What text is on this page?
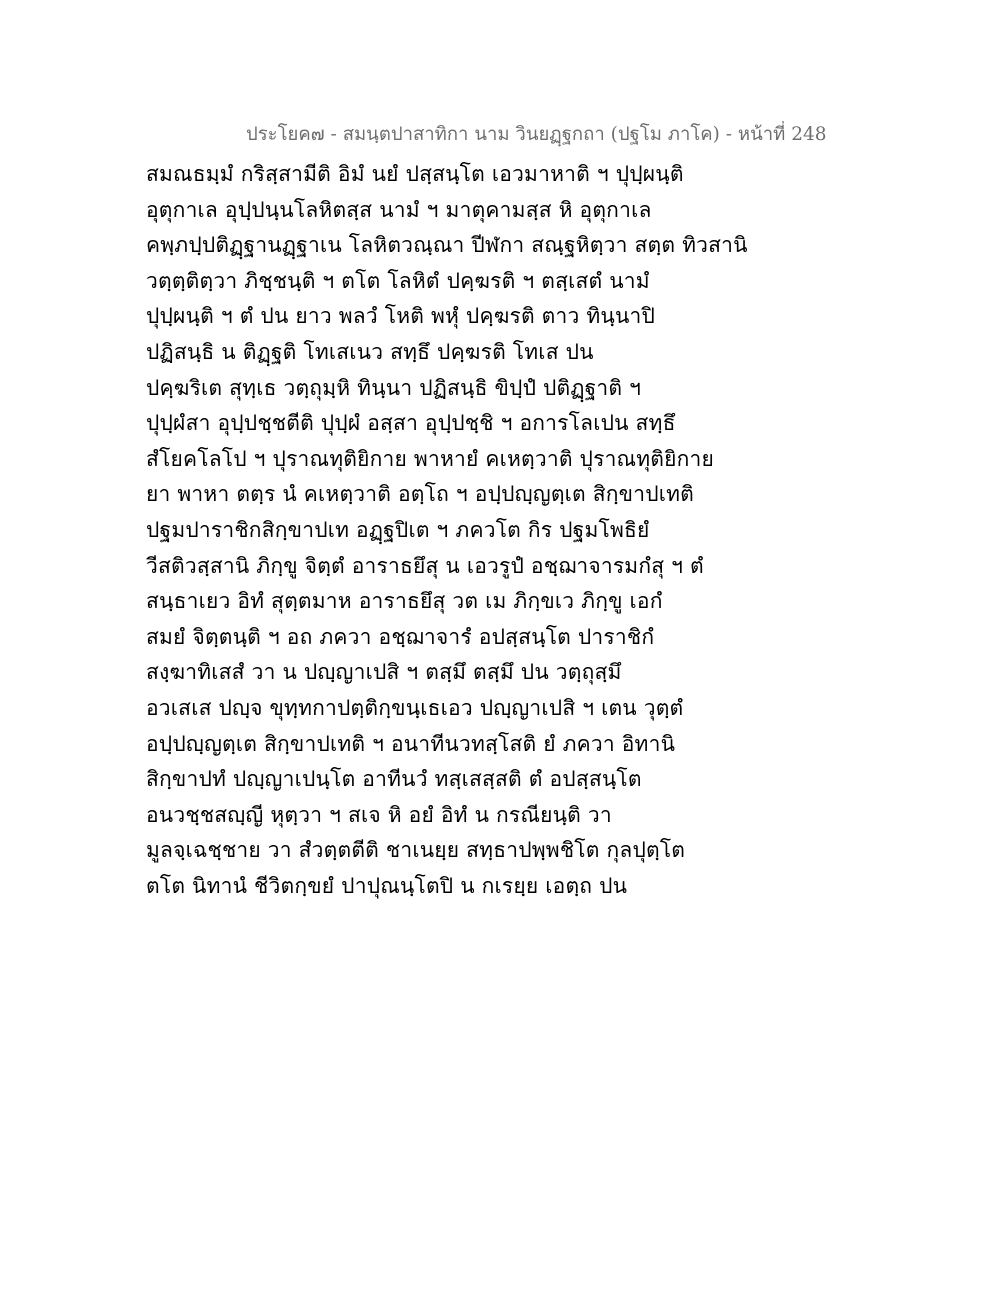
ประโยค๗ - สมนฺตปาสาทิกา นาม วินยฏฺฐกถา (ปฐโม ภาโค) - หน้าที่ 248
สมณธมฺมํ กริสฺสามีติ อิมํ นยํ ปสฺสนฺโต เอวมาหาติ ฯ ปุปฺผนฺติ
อุตุกาเล อุปฺปนฺนโลหิตสฺส นามํ ฯ มาตุคามสฺส หิ อุตุกาเล
คพฺภปฺปติฏฺฐานฏฺฐาเน โลหิตวณฺณา ปีฬกา สณฺฐหิตฺวา สตฺต ทิวสานิ
วตฺตฺติตฺวา ภิชฺชนฺติ ฯ ตโต โลหิตํ ปคฺฆรติ ฯ ตสฺเสตํ นามํ
ปุปฺผนฺติ ฯ ตํ ปน ยาว พลวํ โหติ พหุํ ปคฺฆรติ ตาว ทินฺนาปิ
ปฏิสนฺธิ น ติฏฺฐติ โทเสเนว สทฺธึ ปคฺฆรติ โทเส ปน
ปคฺฆริเต สุทฺเธ วตฺถุมฺหิ ทินฺนา ปฏิสนฺธิ ขิปฺปํ ปติฏฺฐาติ ฯ
ปุปฺผํสา อุปฺปชฺชตีติ ปุปฺผํ อสฺสา อุปฺปชฺชิ ฯ อการโลเปน สทฺธึ
สํโยคโลโป ฯ ปุราณทุติยิกาย พาหายํ คเหตฺวาติ ปุราณทุติยิกาย
ยา พาหา ตตฺร นํ คเหตฺวาติ อตฺโถ ฯ อปฺปญฺญตฺเต สิกฺขาปเทติ
ปฐมปาราชิกสิกฺขาปเท อฏฺฐปิเต ฯ ภควโต กิร ปฐมโพธิยํ
วีสติวสฺสานิ ภิกฺขู จิตฺตํ อาราธยึสุ น เอวรูปํ อชฺฌาจารมกํสุ ฯ ตํ
สนฺธาเยว อิทํ สุตฺตมาห อาราธยึสุ วต เม ภิกฺขเว ภิกฺขู เอกํ
สมยํ จิตฺตนฺติ ฯ อถ ภควา อชฺฌาจารํ อปสฺสนฺโต ปาราชิกํ
สงฺฆาทิเสสํ วา น ปญฺญาเปสิ ฯ ตสฺมึ ตสฺมึ ปน วตฺถุสฺมึ
อวเสเส ปญฺจ ขุทฺทกาปตฺติกฺขนฺเธเอว ปญฺญาเปสิ ฯ เตน วุตฺตํ
อปฺปญฺญตฺเต สิกฺขาปเทติ ฯ อนาทีนวทสฺโสติ ยํ ภควา อิทานิ
สิกฺขาปทํ ปญฺญาเปนฺโต อาทีนวํ ทสฺเสสฺสติ ตํ อปสฺสนฺโต
อนวชฺชสญฺญี หุตฺวา ฯ สเจ หิ อยํ อิทํ น กรณียนฺติ วา
มูลจฺเฉชฺชาย วา สํวตฺตตีติ ชาเนยฺย สทฺธาปพฺพชิโต กุลปุตฺโต
ตโต นิทานํ ชีวิตกฺขยํ ปาปุณนฺโตปิ น กเรยฺย เอตฺถ ปน
